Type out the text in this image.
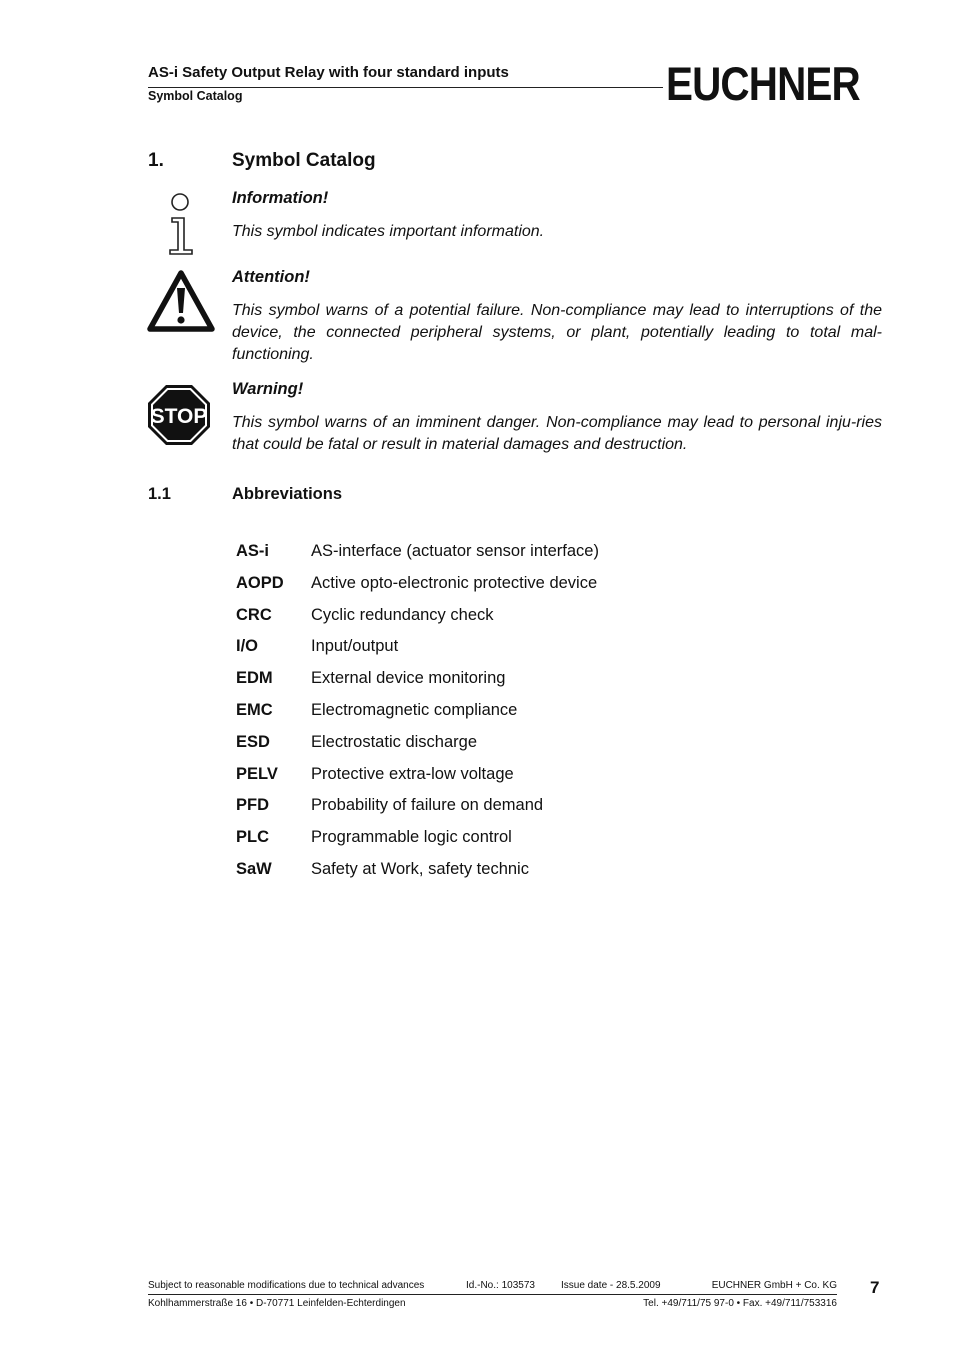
AS-i Safety Output Relay with four standard inputs
Symbol Catalog	EUCHNER
1.	Symbol Catalog
Information!
This symbol indicates important information.
Attention!
This symbol warns of a potential failure. Non-compliance may lead to interruptions of the device, the connected peripheral systems, or plant, potentially leading to total mal-functioning.
STOP
Warning!
This symbol warns of an imminent danger. Non-compliance may lead to personal inju-ries that could be fatal or result in material damages and destruction.
1.1	Abbreviations
AS-i	AS-interface (actuator sensor interface)
AOPD	Active opto-electronic protective device
CRC	Cyclic redundancy check
I/O	Input/output
EDM	External device monitoring
EMC	Electromagnetic compliance
ESD	Electrostatic discharge
PELV	Protective extra-low voltage
PFD	Probability of failure on demand
PLC	Programmable logic control
SaW	Safety at Work, safety technic
Subject to reasonable modifications due to technical advances	Id.-No.: 103573	Issue date - 28.5.2009	EUCHNER GmbH + Co. KG
Kohlhammerstraße 16 • D-70771 Leinfelden-Echterdingen	Tel. +49/711/75 97-0 • Fax. +49/711/753316
7
